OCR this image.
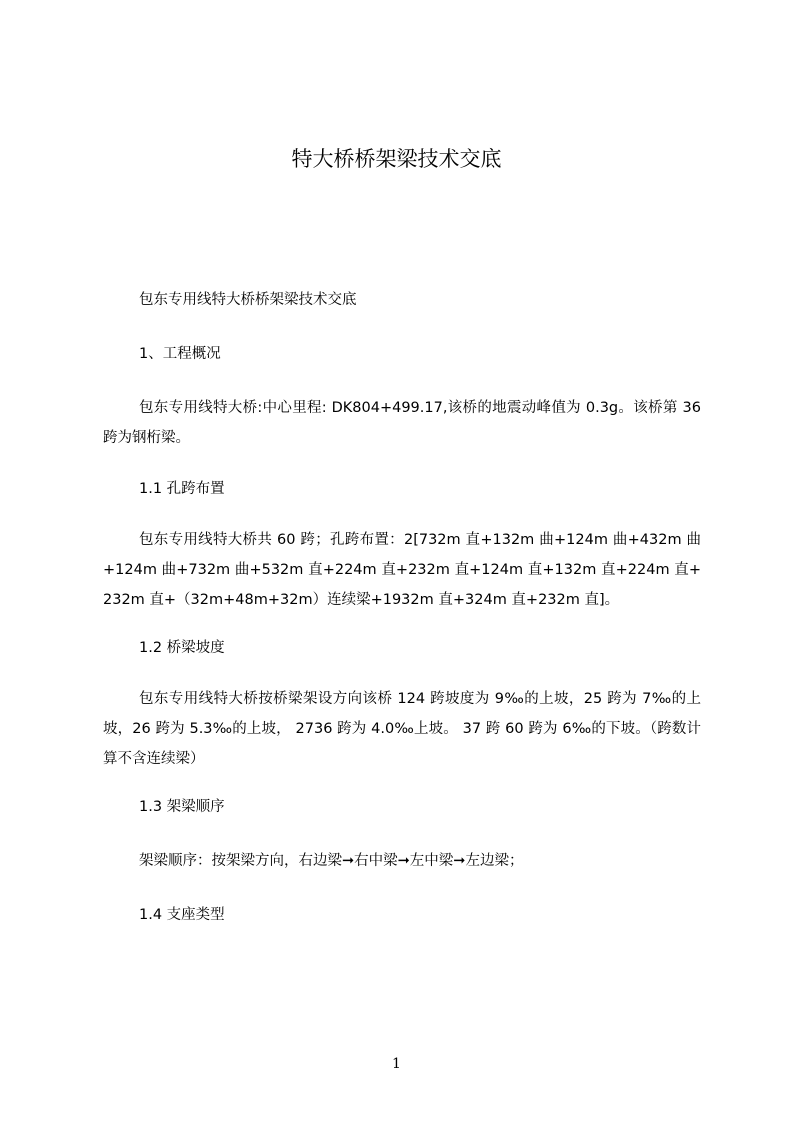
特大桥桥架梁技术交底
包东专用线特大桥桥架梁技术交底
1、工程概况
包东专用线特大桥:中心里程: DK804+499.17,该桥的地震动峰值为 0.3g。该桥第 36 跨为钢桁梁。
1.1 孔跨布置
包东专用线特大桥共 60 跨；孔跨布置：2[732m 直+132m 曲+124m 曲+432m 曲+124m 曲+732m 曲+532m 直+224m 直+232m 直+124m 直+132m 直+224m 直+232m 直+（32m+48m+32m）连续梁+1932m 直+324m 直+232m 直]。
1.2 桥梁坡度
包东专用线特大桥按桥梁架设方向该桥 124 跨坡度为 9‰的上坡，25 跨为 7‰的上坡，26 跨为 5.3‰的上坡， 2736 跨为 4.0‰上坡。 37 跨 60 跨为 6‰的下坡。（跨数计算不含连续梁）
1.3 架梁顺序
架梁顺序：按架梁方向，右边梁➞右中梁➞左中梁➞左边梁；
1.4 支座类型
1
